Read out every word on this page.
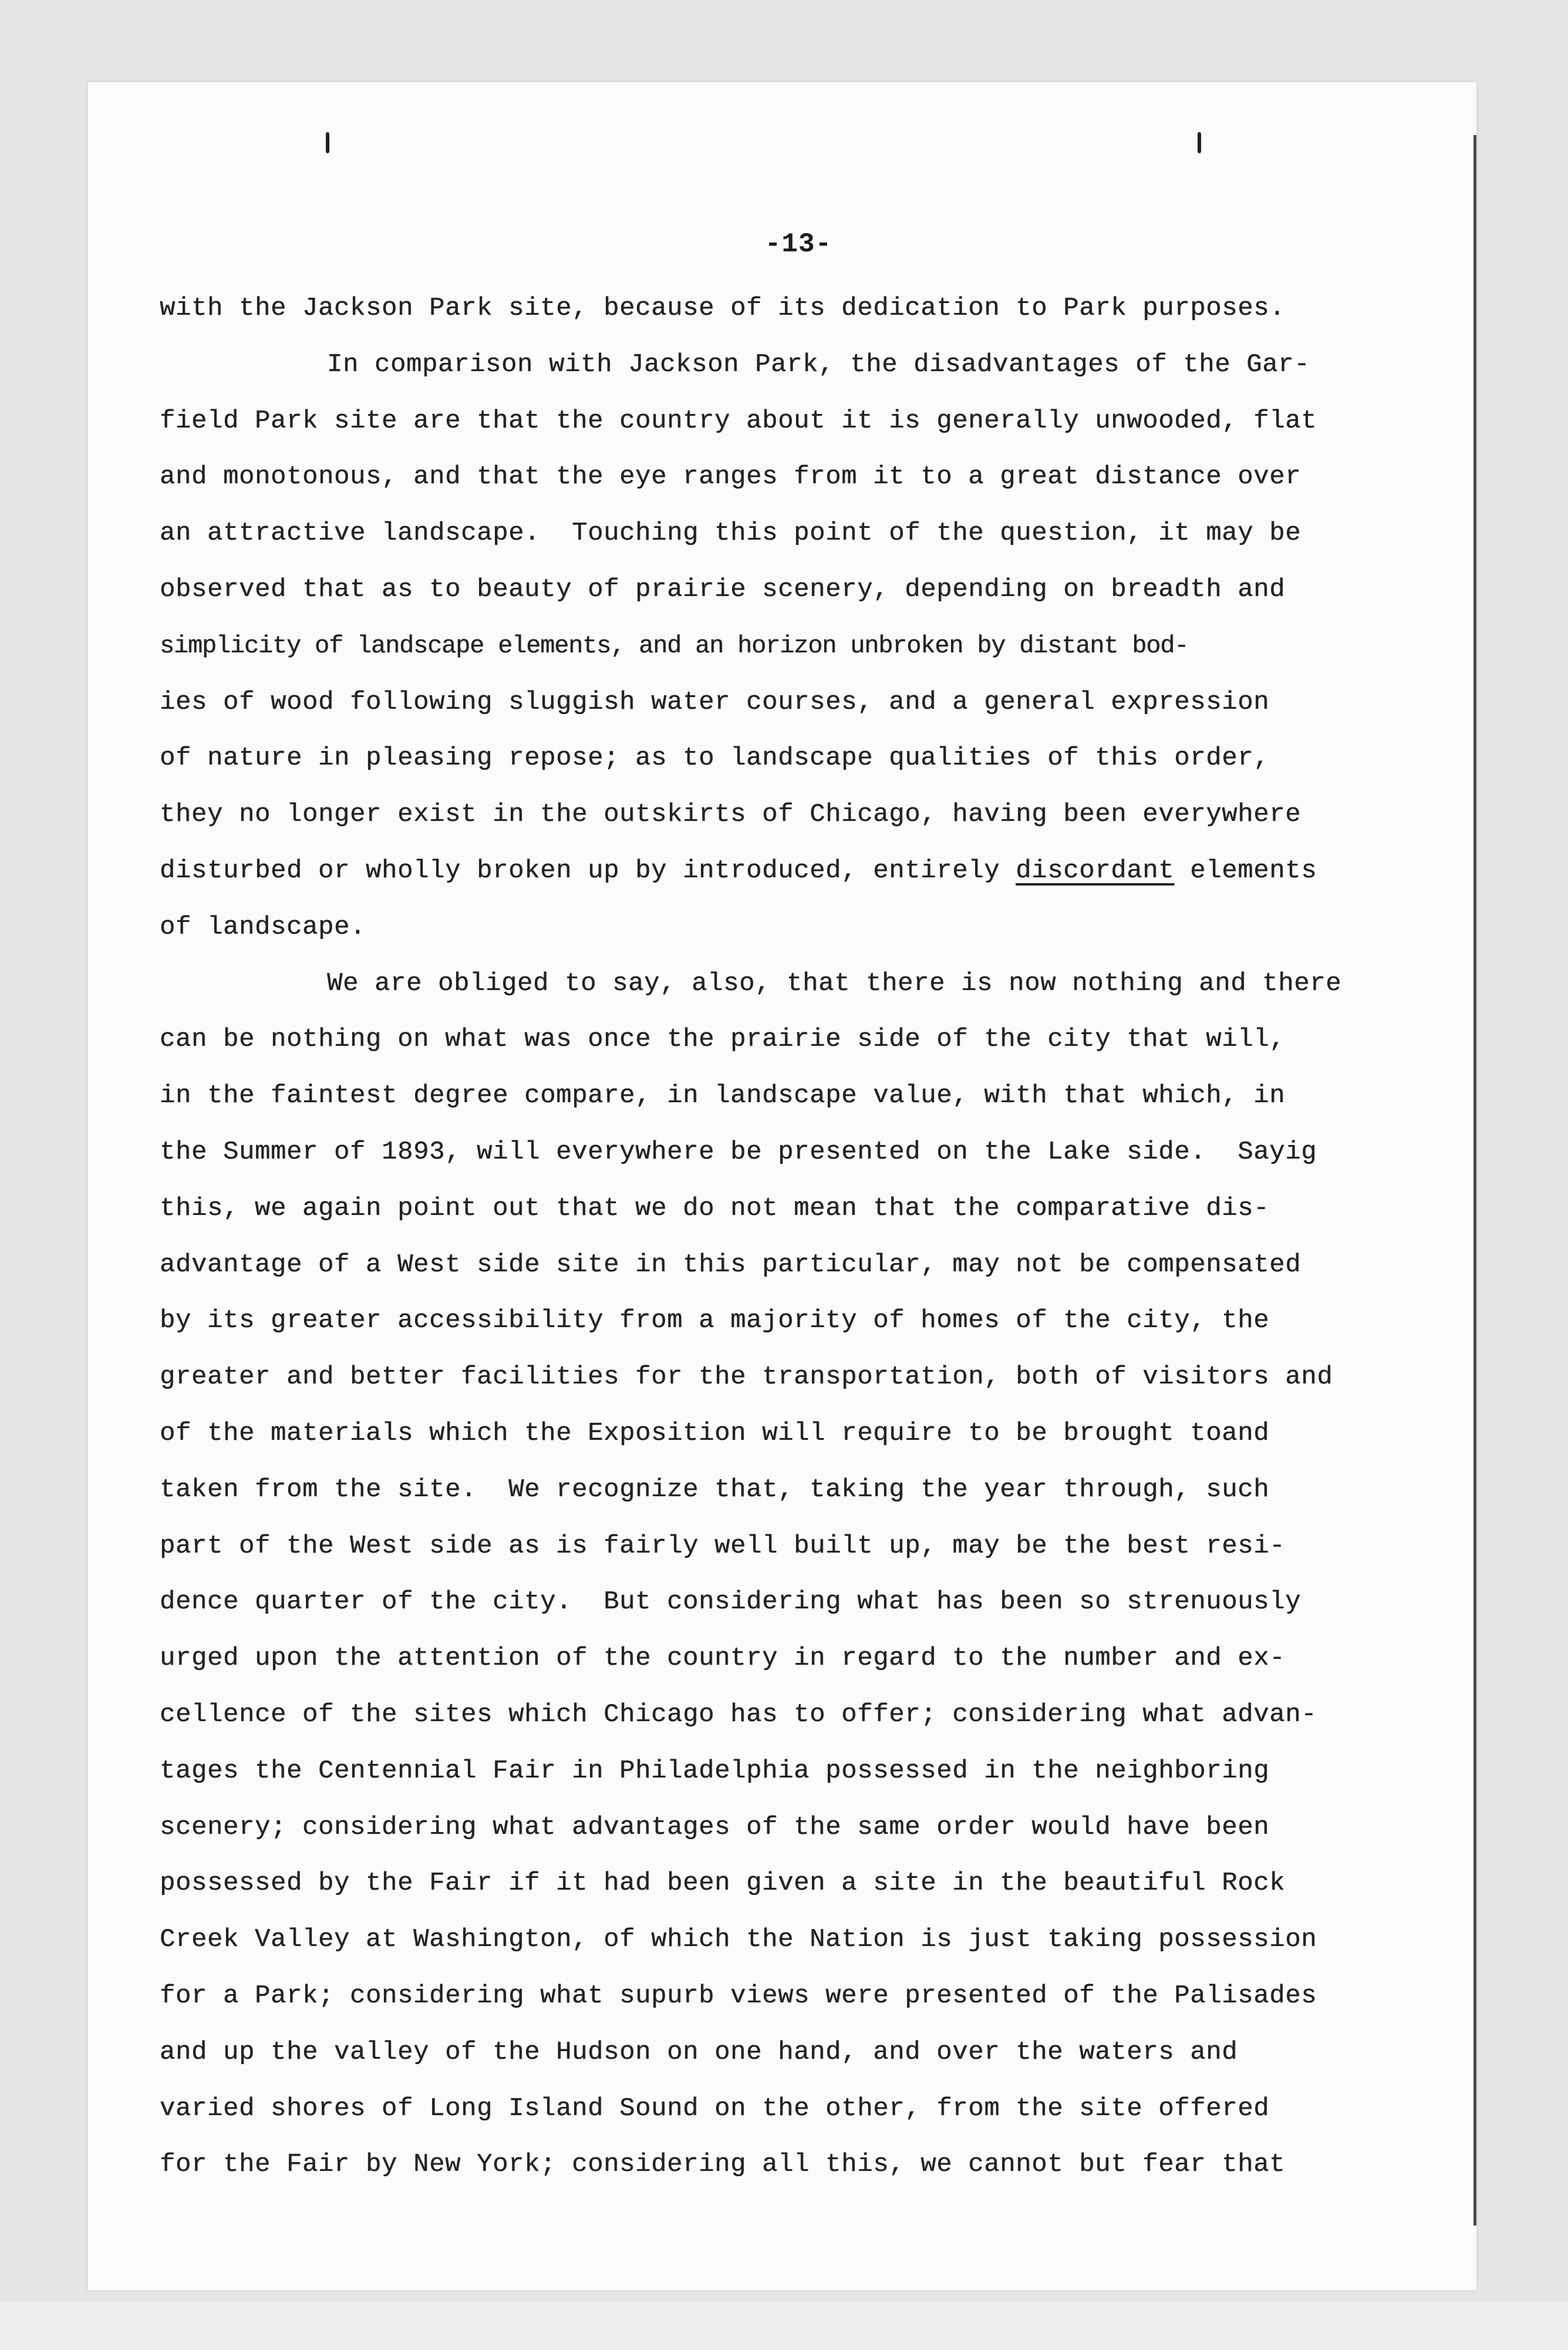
-13-
with the Jackson Park site, because of its dedication to Park purposes.
In comparison with Jackson Park, the disadvantages of the Gar-
field Park site are that the country about it is generally unwooded, flat
and monotonous, and that the eye ranges from it to a great distance over
an attractive landscape.  Touching this point of the question, it may be
observed that as to beauty of prairie scenery, depending on breadth and
simplicity of landscape elements, and an horizon unbroken by distant bod-
ies of wood following sluggish water courses, and a general expression
of nature in pleasing repose; as to landscape qualities of this order,
they no longer exist in the outskirts of Chicago, having been everywhere
disturbed or wholly broken up by introduced, entirely discordant elements
of landscape.
We are obliged to say, also, that there is now nothing and there
can be nothing on what was once the prairie side of the city that will,
in the faintest degree compare, in landscape value, with that which, in
the Summer of 1893, will everywhere be presented on the Lake side.  Sayig
this, we again point out that we do not mean that the comparative dis-
advantage of a West side site in this particular, may not be compensated
by its greater accessibility from a majority of homes of the city, the
greater and better facilities for the transportation, both of visitors and
of the materials which the Exposition will require to be brought toand
taken from the site.  We recognize that, taking the year through, such
part of the West side as is fairly well built up, may be the best resi-
dence quarter of the city.  But considering what has been so strenuously
urged upon the attention of the country in regard to the number and ex-
cellence of the sites which Chicago has to offer; considering what advan-
tages the Centennial Fair in Philadelphia possessed in the neighboring
scenery; considering what advantages of the same order would have been
possessed by the Fair if it had been given a site in the beautiful Rock
Creek Valley at Washington, of which the Nation is just taking possession
for a Park; considering what supurb views were presented of the Palisades
and up the valley of the Hudson on one hand, and over the waters and
varied shores of Long Island Sound on the other, from the site offered
for the Fair by New York; considering all this, we cannot but fear that
